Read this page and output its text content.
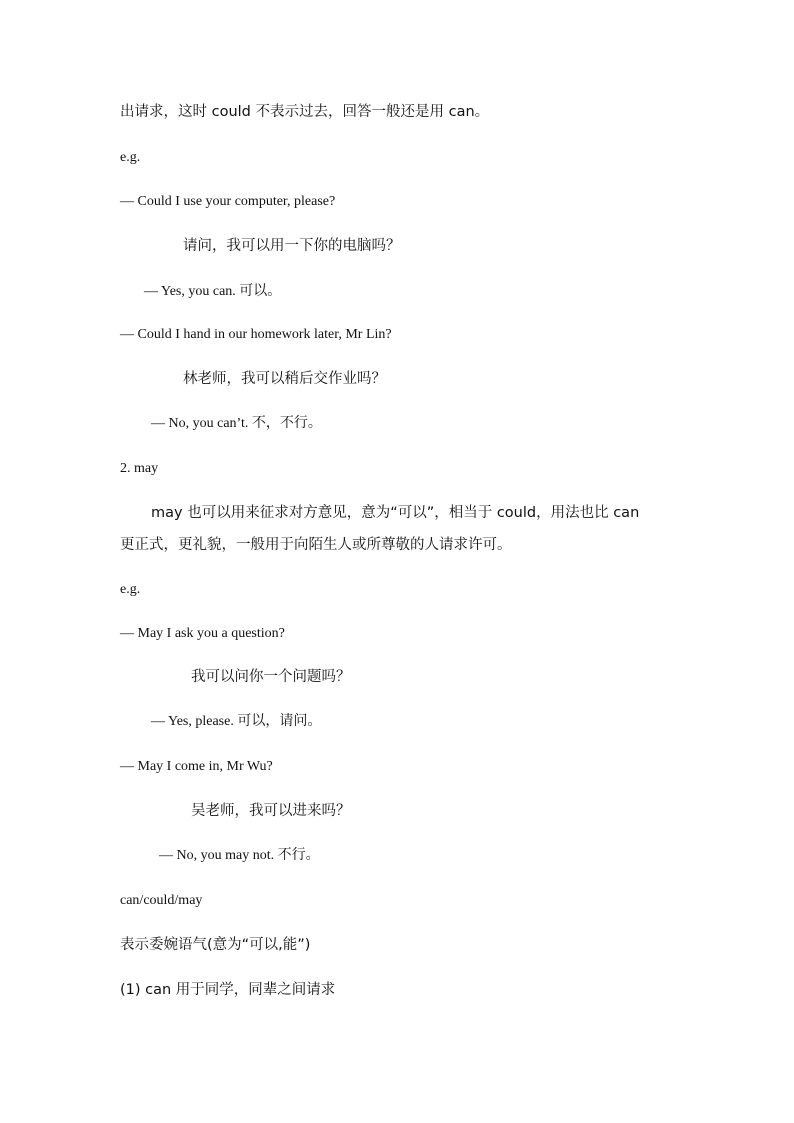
出请求，这时 could 不表示过去，回答一般还是用 can。
e.g.
— Could I use your computer, please?
请问，我可以用一下你的电脑吗？
— Yes, you can. 可以。
— Could I hand in our homework later, Mr Lin?
林老师，我可以稍后交作业吗？
— No, you can’t. 不，不行。
2. may
may 也可以用来征求对方意见，意为“可以”，相当于 could，用法也比 can
更正式，更礼貌，一般用于向陌生人或所尊敬的人请求许可。
e.g.
— May I ask you a question?
我可以问你一个问题吗？
— Yes, please. 可以，请问。
— May I come in, Mr Wu?
吴老师，我可以进来吗？
— No, you may not. 不行。
can/could/may
表示委婉语气(意为“可以,能”)
(1) can 用于同学，同辈之间请求
